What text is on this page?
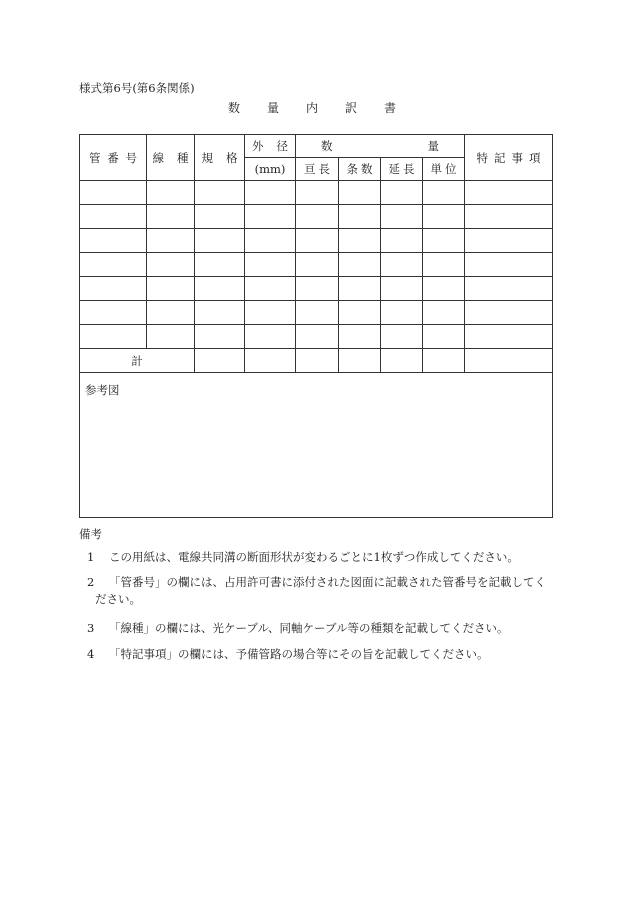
様式第6号(第6条関係)
数 量 内 訳 書
管 番 号	線 種	規 格	外 径	数 量				特 記 事 項

			(mm)	亘 長	条 数	延 長	単 位	

計								
参考図								
備考
1 この用紙は、電線共同溝の断面形状が変わるごとに1枚ずつ作成してください。
2 「管番号」の欄には、占用許可書に添付された図面に記載された管番号を記載してく
ださい。
3 「線種」の欄には、光ケーブル、同軸ケーブル等の種類を記載してください。
4 「特記事項」の欄には、予備管路の場合等にその旨を記載してください。
